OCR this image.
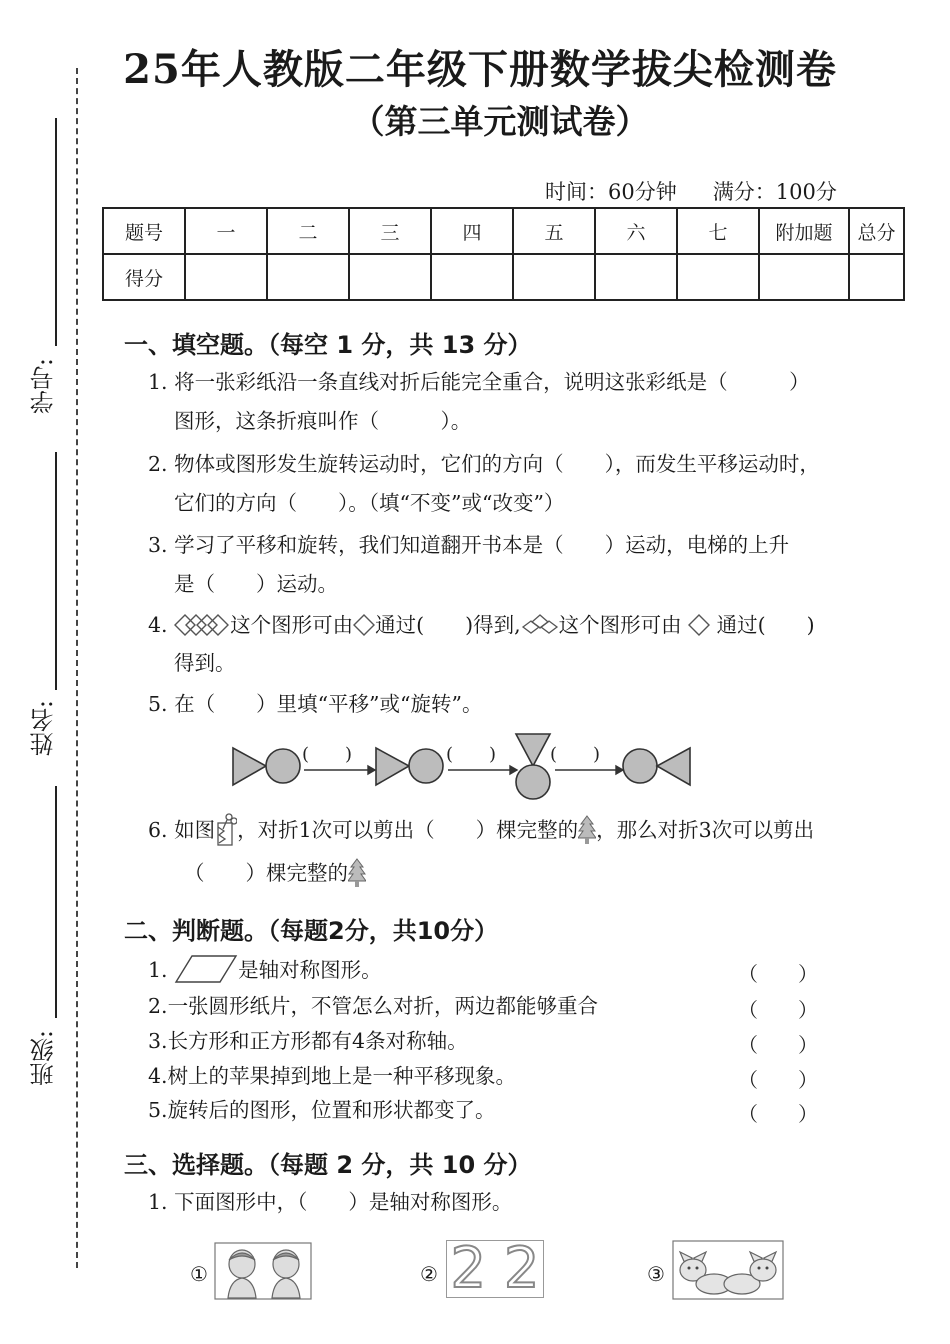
25年人教版二年级下册数学拔尖检测卷
（第三单元测试卷）
时间：60分钟 满分：100分
题号	一	二	三	四	五	六	七	附加题	总分
得分									
学号:
姓名:
班级:
一、填空题。（每空 1 分，共 13 分）
1. 将一张彩纸沿一条直线对折后能完全重合，说明这张彩纸是（　　　）
图形，这条折痕叫作（　　　）。
2. 物体或图形发生旋转运动时，它们的方向（　　），而发生平移运动时，
它们的方向（　　）。（填“不变”或“改变”）
3. 学习了平移和旋转，我们知道翻开书本是（　　）运动，电梯的上升
是（　　）运动。
4.	这个图形可由 通过(　　)得到, 这个图形可由 通过(　　)
得到。
5. 在（　　）里填“平移”或“旋转”。
(　　)	(　　)	(　　)
6. 如图 ，对折1次可以剪出（　　）棵完整的 ，那么对折3次可以剪出
（　　）棵完整的
二、判断题。（每题2分，共10分）
1.	是轴对称图形。
2.一张圆形纸片，不管怎么对折，两边都能够重合
3.长方形和正方形都有4条对称轴。
4.树上的苹果掉到地上是一种平移现象。
5.旋转后的图形，位置和形状都变了。
（　　）
（　　）
（　　）
（　　）
（　　）
三、选择题。（每题 2 分，共 10 分）
1. 下面图形中，（　　）是轴对称图形。
①	② 2 2	③
